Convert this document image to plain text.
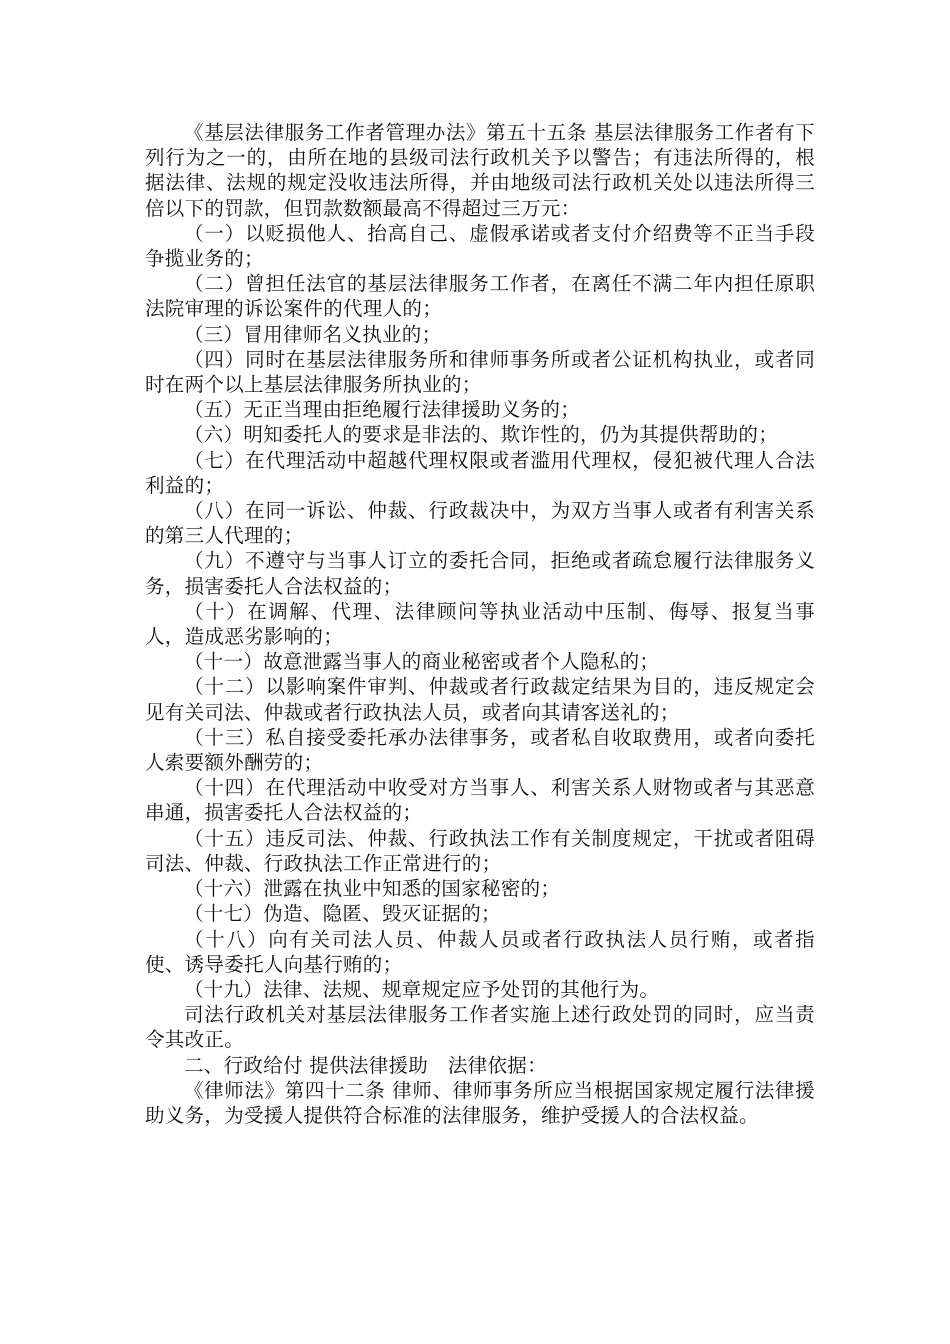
《基层法律服务工作者管理办法》第五十五条 基层法律服务工作者有下列行为之一的，由所在地的县级司法行政机关予以警告；有违法所得的，根据法律、法规的规定没收违法所得，并由地级司法行政机关处以违法所得三倍以下的罚款，但罚款数额最高不得超过三万元：

（一）以贬损他人、抬高自己、虚假承诺或者支付介绍费等不正当手段争揽业务的；

（二）曾担任法官的基层法律服务工作者，在离任不满二年内担任原职法院审理的诉讼案件的代理人的；

（三）冒用律师名义执业的；

（四）同时在基层法律服务所和律师事务所或者公证机构执业，或者同时在两个以上基层法律服务所执业的；

（五）无正当理由拒绝履行法律援助义务的；

（六）明知委托人的要求是非法的、欺诈性的，仍为其提供帮助的；

（七）在代理活动中超越代理权限或者滥用代理权，侵犯被代理人合法利益的；

（八）在同一诉讼、仲裁、行政裁决中，为双方当事人或者有利害关系的第三人代理的；

（九）不遵守与当事人订立的委托合同，拒绝或者疏怠履行法律服务义务，损害委托人合法权益的；

（十）在调解、代理、法律顾问等执业活动中压制、侮辱、报复当事人，造成恶劣影响的；

（十一）故意泄露当事人的商业秘密或者个人隐私的；

（十二）以影响案件审判、仲裁或者行政裁定结果为目的，违反规定会见有关司法、仲裁或者行政执法人员，或者向其请客送礼的；

（十三）私自接受委托承办法律事务，或者私自收取费用，或者向委托人索要额外酬劳的；

（十四）在代理活动中收受对方当事人、利害关系人财物或者与其恶意串通，损害委托人合法权益的；

（十五）违反司法、仲裁、行政执法工作有关制度规定，干扰或者阻碍司法、仲裁、行政执法工作正常进行的；

（十六）泄露在执业中知悉的国家秘密的；

（十七）伪造、隐匿、毁灭证据的；

（十八）向有关司法人员、仲裁人员或者行政执法人员行贿，或者指使、诱导委托人向基行贿的；

（十九）法律、法规、规章规定应予处罚的其他行为。

司法行政机关对基层法律服务工作者实施上述行政处罚的同时，应当责令其改正。

二、行政给付 提供法律援助　法律依据：

《律师法》第四十二条 律师、律师事务所应当根据国家规定履行法律援助义务，为受援人提供符合标准的法律服务，维护受援人的合法权益。
